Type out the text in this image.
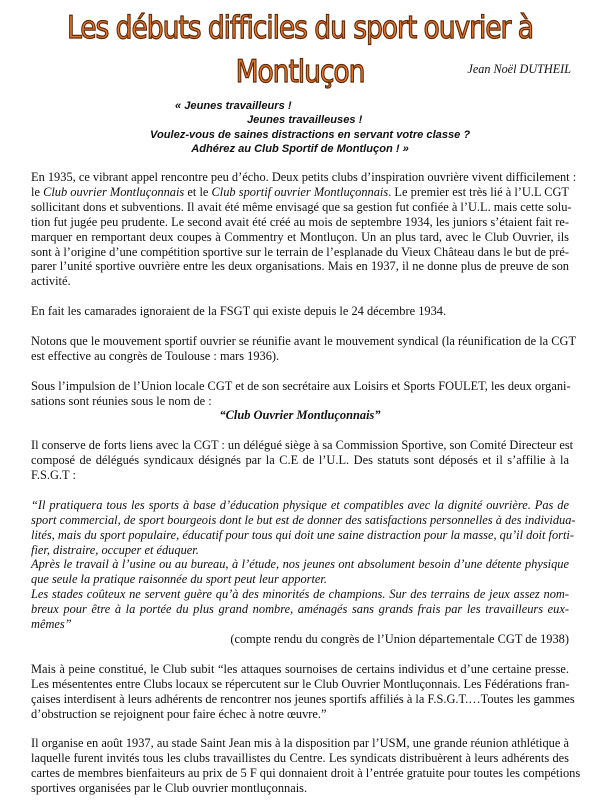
Les débuts difficiles du sport ouvrier à Montluçon	Jean Noël DUTHEIL
« Jeunes travailleurs !
Jeunes travailleuses !
Voulez-vous de saines distractions en servant votre classe ?
Adhérez au Club Sportif de Montluçon ! »
En 1935, ce vibrant appel rencontre peu d’écho. Deux petits clubs d’inspiration ouvrière vivent difficilement :
le Club ouvrier Montluçonnais et le Club sportif ouvrier Montluçonnais. Le premier est très lié à l’U.L CGT
sollicitant dons et subventions. Il avait été même envisagé que sa gestion fut confiée à l’U.L. mais cette solu-
tion fut jugée peu prudente. Le second avait été créé au mois de septembre 1934, les juniors s’étaient fait re-
marquer en remportant deux coupes à Commentry et Montluçon. Un an plus tard, avec le Club Ouvrier, ils
sont à l’origine d’une compétition sportive sur le terrain de l’esplanade du Vieux Château dans le but de pré-
parer l’unité sportive ouvrière entre les deux organisations. Mais en 1937, il ne donne plus de preuve de son
activité.
En fait les camarades ignoraient de la FSGT qui existe depuis le 24 décembre 1934.
Notons que le mouvement sportif ouvrier se réunifie avant le mouvement syndical (la réunification de la CGT
est effective au congrès de Toulouse : mars 1936).
Sous l’impulsion de l’Union locale CGT et de son secrétaire aux Loisirs et Sports FOULET, les deux organi-
sations sont réunies sous le nom de :
“Club Ouvrier Montluçonnais”
Il conserve de forts liens avec la CGT : un délégué siège à sa Commission Sportive, son Comité Directeur est
composé de délégués syndicaux désignés par la C.E de l’U.L. Des statuts sont déposés et il s’affilie à la
F.S.G.T :
“Il pratiquera tous les sports à base d’éducation physique et compatibles avec la dignité ouvrière. Pas de
sport commercial, de sport bourgeois dont le but est de donner des satisfactions personnelles à des individua-
lités, mais du sport populaire, éducatif pour tous qui doit une saine distraction pour la masse, qu’il doit forti-
fier, distraire, occuper et éduquer.
Après le travail à l’usine ou au bureau, à l’étude, nos jeunes ont absolument besoin d’une détente physique
que seule la pratique raisonnée du sport peut leur apporter.
Les stades coûteux ne servent guère qu’à des minorités de champions. Sur des terrains de jeux assez nom-
breux pour être à la portée du plus grand nombre, aménagés sans grands frais par les travailleurs eux-
mêmes”
(compte rendu du congrès de l’Union départementale CGT de 1938)
Mais à peine constitué, le Club subit “les attaques sournoises de certains individus et d’une certaine presse.
Les mésententes entre Clubs locaux se répercutent sur le Club Ouvrier Montluçonnais. Les Fédérations fran-
çaises interdisent à leurs adhérents de rencontrer nos jeunes sportifs affiliés à la F.S.G.T.…Toutes les gammes
d’obstruction se rejoignent pour faire échec à notre œuvre.”
Il organise en août 1937, au stade Saint Jean mis à la disposition par l’USM, une grande réunion athlétique à
laquelle furent invités tous les clubs travaillistes du Centre. Les syndicats distribuèrent à leurs adhérents des
cartes de membres bienfaiteurs au prix de 5 F qui donnaient droit à l’entrée gratuite pour toutes les compétions
sportives organisées par le Club ouvrier montluçonnais.
